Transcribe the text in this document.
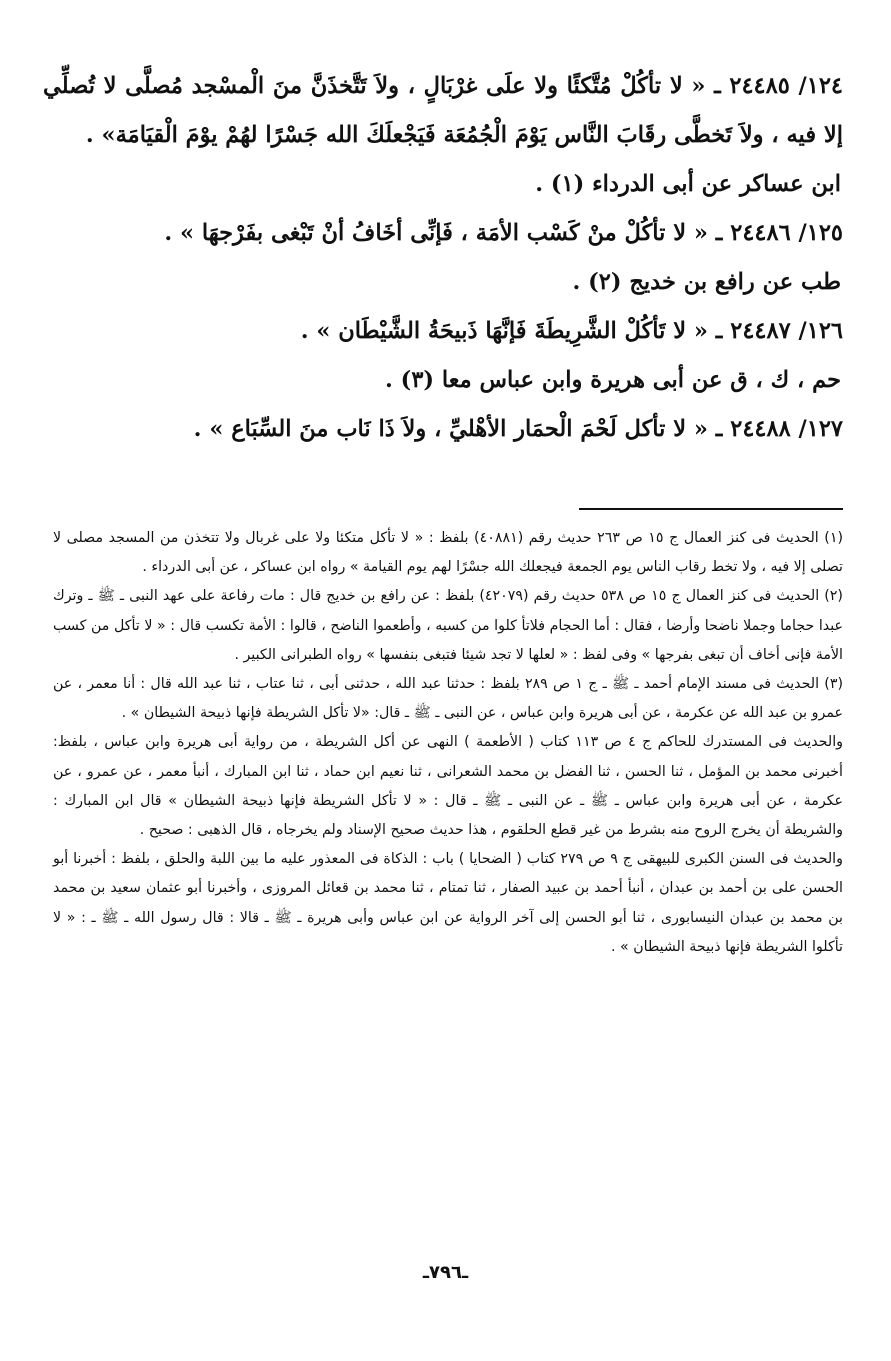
١٢٤/ ٢٤٤٨٥ ـ « لا تأكُلْ مُتَّكئًا ولا علَى غرْبَالٍ ، ولاَ تَتَّخذَنَّ منَ الْمسْجد مُصلَّى لا تُصلِّي إلا فيه ، ولاَ تَخطَّى رقَابَ النَّاس يَوْمَ الْجُمُعَة فَيَجْعلَكَ الله جَسْرًا لهُمْ يوْمَ الْقيَامَة» .

ابن عساكر عن أبى الدرداء (١) .

١٢٥/ ٢٤٤٨٦ ـ « لا تأكُلْ منْ كَسْب الأمَة ، فَإنِّى أخَافُ أنْ تَبْغى بفَرْجهَا » .

طب عن رافع بن خديج (٢) .

١٢٦/ ٢٤٤٨٧ ـ « لا تَأكُلْ الشَّرِيطَةَ فَإنَّهَا ذَبيحَةُ الشَّيْطَان » .

حم ، ك ، ق عن أبى هريرة وابن عباس معا (٣) .

١٢٧/ ٢٤٤٨٨ ـ « لا تأكل لَحْمَ الْحمَار الأهْليِّ ، ولاَ ذَا نَاب منَ السِّبَاع » .

(١) الحديث فى كنز العمال ج ١٥ ص ٢٦٣ حديث رقم (٤٠٨٨١) بلفظ : « لا تأكل متكئا ولا على غربال ولا تتخذن من المسجد مصلى لا تصلى إلا فيه ، ولا تخط رقاب الناس يوم الجمعة فيجعلك الله جسْرًا لهم يوم القيامة » رواه ابن عساكر ، عن أبى الدرداء .

(٢) الحديث فى كنز العمال ج ١٥ ص ٥٣٨ حديث رقم (٤٢٠٧٩) بلفظ : عن رافع بن خديج قال : مات رفاعة على عهد النبى ـ ﷺ ـ وترك عبدا حجاما وجملا ناضحا وأرضا ، فقال : أما الحجام فلاتأ كلوا من كسبه ، وأطعموا الناضح ، قالوا : الأمة تكسب قال : « لا تأكل من كسب الأمة فإنى أخاف أن تبغى بفرجها » وفى لفظ : « لعلها لا تجد شيئا فتبغى بنفسها » رواه الطبرانى الكبير .

(٣) الحديث فى مسند الإمام أحمد ـ ﷺ ـ ج ١ ص ٢٨٩ بلفظ : حدثنا عبد الله ، حدثنى أبى ، ثنا عتاب ، ثنا عبد الله قال : أنا معمر ، عن عمرو بن عبد الله عن عكرمة ، عن أبى هريرة وابن عباس ، عن النبى ـ ﷺ ـ قال: «لا تأكل الشريطة فإنها ذبيحة الشيطان » .

والحديث فى المستدرك للحاكم ج ٤ ص ١١٣ كتاب ( الأطعمة ) النهى عن أكل الشريطة ، من رواية أبى هريرة وابن عباس ، بلفظ: أخبرنى محمد بن المؤمل ، ثنا الحسن ، ثنا الفضل بن محمد الشعرانى ، ثنا نعيم ابن حماد ، ثنا ابن المبارك ، أنبأ معمر ، عن عمرو ، عن عكرمة ، عن أبى هريرة وابن عباس ـ ﷺ ـ عن النبى ـ ﷺ ـ قال : « لا تأكل الشريطة فإنها ذبيحة الشيطان » قال ابن المبارك : والشريطة أن يخرج الروح منه بشرط من غير قطع الحلقوم ، هذا حديث صحيح الإسناد ولم يخرجاه ، قال الذهبى : صحيح .

والحديث فى السنن الكبرى للبيهقى ج ٩ ص ٢٧٩ كتاب ( الضحايا ) باب : الذكاة فى المعذور عليه ما بين اللبة والحلق ، بلفظ : أخبرنا أبو الحسن على بن أحمد بن عبدان ، أنبأ أحمد بن عبيد الصفار ، ثنا تمتام ، ثنا محمد بن قعائل المروزى ، وأخبرنا أبو عثمان سعيد بن محمد بن محمد بن عبدان النيسابورى ، ثنا أبو الحسن إلى آخر الرواية عن ابن عباس وأبى هريرة ـ ﷺ ـ قالا : قال رسول الله ـ ﷺ ـ : « لا تأكلوا الشريطة فإنها ذبيحة الشيطان » .

ـ٧٩٦ـ
